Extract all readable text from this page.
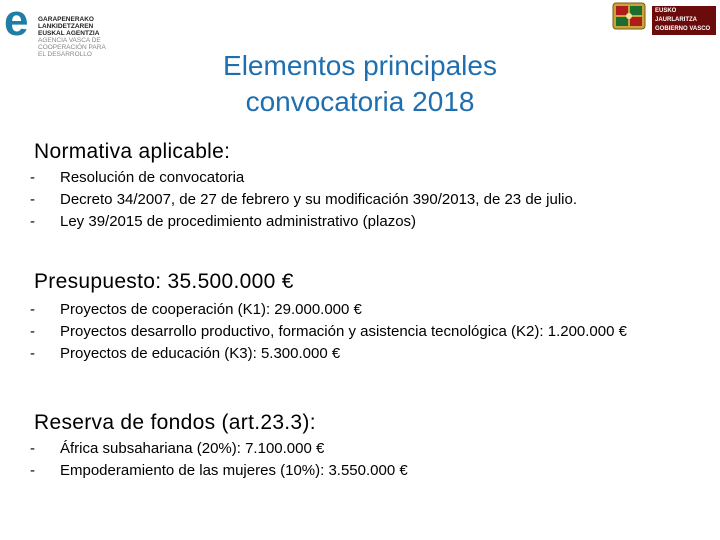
e	GARAPENERAKO
LANKIDETZAREN
EUSKAL AGENTZIA
AGENCIA VASCA DE
COOPERACIÓN PARA
EL DESARROLLO
EUSKO JAURLARITZA
GOBIERNO VASCO
Elementos principales
convocatoria 2018
Normativa aplicable:
- Resolución de convocatoria
- Decreto 34/2007, de 27 de febrero y su modificación 390/2013, de 23 de julio.
- Ley 39/2015 de procedimiento administrativo (plazos)
Presupuesto: 35.500.000 €
- Proyectos de cooperación (K1): 29.000.000 €
- Proyectos desarrollo productivo, formación y asistencia tecnológica (K2): 1.200.000 €
- Proyectos de educación (K3): 5.300.000 €
Reserva de fondos (art.23.3):
- África subsahariana (20%): 7.100.000 €
- Empoderamiento de las mujeres (10%): 3.550.000 €
